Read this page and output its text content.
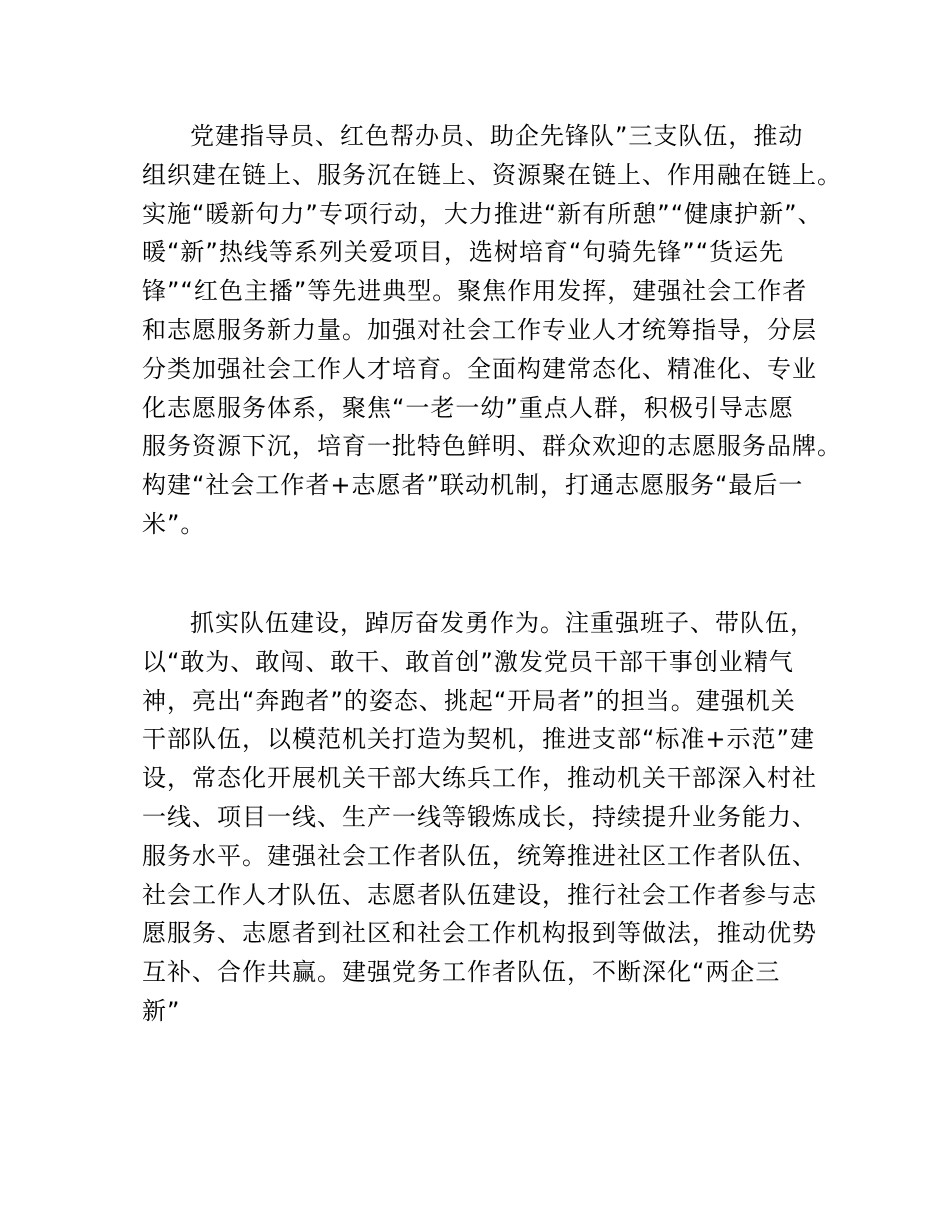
党建指导员、红色帮办员、助企先锋队”三支队伍，推动
组织建在链上、服务沉在链上、资源聚在链上、作用融在链上。
实施“暖新句力”专项行动，大力推进“新有所憩”“健康护新”、
暖“新”热线等系列关爱项目，选树培育“句骑先锋”“货运先
锋”“红色主播”等先进典型。聚焦作用发挥，建强社会工作者
和志愿服务新力量。加强对社会工作专业人才统筹指导，分层
分类加强社会工作人才培育。全面构建常态化、精准化、专业
化志愿服务体系，聚焦“一老一幼”重点人群，积极引导志愿
服务资源下沉，培育一批特色鲜明、群众欢迎的志愿服务品牌。
构建“社会工作者+志愿者”联动机制，打通志愿服务“最后一
米”。
抓实队伍建设，踔厉奋发勇作为。注重强班子、带队伍，
以“敢为、敢闯、敢干、敢首创”激发党员干部干事创业精气
神，亮出“奔跑者”的姿态、挑起“开局者”的担当。建强机关
干部队伍，以模范机关打造为契机，推进支部“标准+示范”建
设，常态化开展机关干部大练兵工作，推动机关干部深入村社
一线、项目一线、生产一线等锻炼成长，持续提升业务能力、
服务水平。建强社会工作者队伍，统筹推进社区工作者队伍、
社会工作人才队伍、志愿者队伍建设，推行社会工作者参与志
愿服务、志愿者到社区和社会工作机构报到等做法，推动优势
互补、合作共赢。建强党务工作者队伍，不断深化“两企三
新”
